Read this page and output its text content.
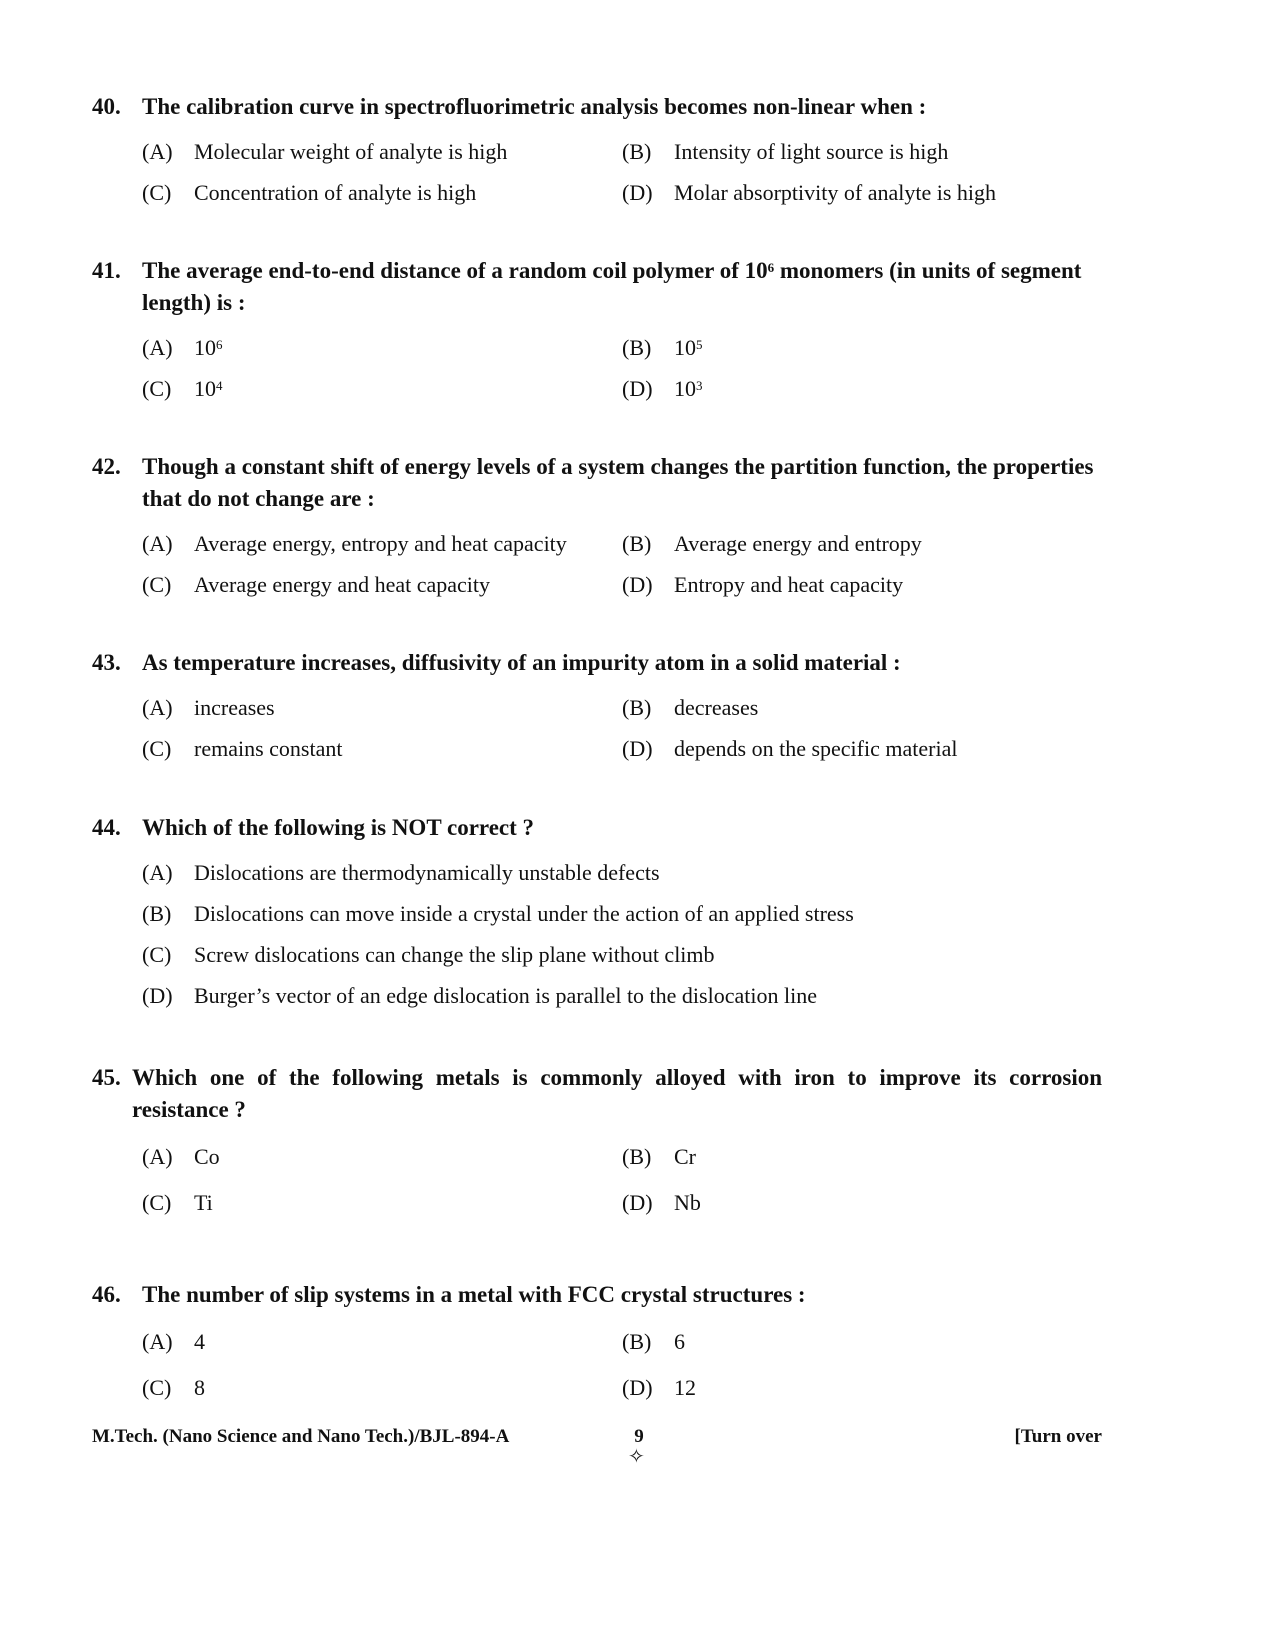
40. The calibration curve in spectrofluorimetric analysis becomes non-linear when :
(A) Molecular weight of analyte is high	(B)	Intensity of light source is high
(C)	Concentration of analyte is high	(D) Molar absorptivity of analyte is high
41. The average end-to-end distance of a random coil polymer of $10^6$ monomers (in units of segment length) is :
(A) $10^6$	(B)	$10^5$
(C)	$10^4$	(D) $10^3$
42. Though a constant shift of energy levels of a system changes the partition function, the properties that do not change are :
(A) Average energy, entropy and heat capacity	(B)	Average energy and entropy
(C)	Average energy and heat capacity	(D) Entropy and heat capacity
43. As temperature increases, diffusivity of an impurity atom in a solid material :
(A) increases	(B)	decreases
(C)	remains constant	(D) depends on the specific material
44. Which of the following is NOT correct ?
(A) Dislocations are thermodynamically unstable defects
(B)	Dislocations can move inside a crystal under the action of an applied stress
(C)	Screw dislocations can change the slip plane without climb
(D) Burger’s vector of an edge dislocation is parallel to the dislocation line
45. Which one of the following metals is commonly alloyed with iron to improve its corrosion resistance ?
(A) Co	(B)	Cr
(C)	Ti	(D) Nb
46. The number of slip systems in a metal with FCC crystal structures :
(A) 4	(B)	6
(C)	8	(D) 12
M.Tech. (Nano Science and Nano Tech.)/BJL-894-A	9
✧
[Turn over
